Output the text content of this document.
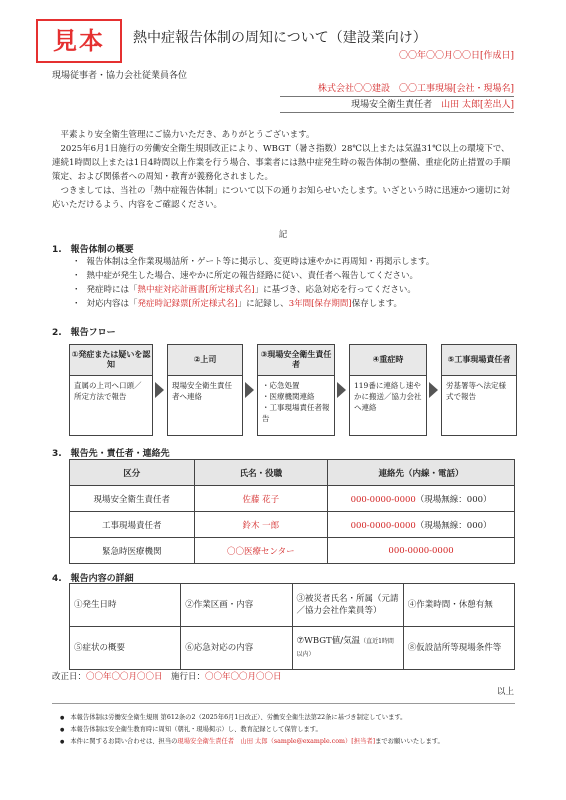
見本	熱中症報告体制の周知について（建設業向け）
〇〇年〇〇月〇〇日[作成日]
現場従事者・協力会社従業員各位
株式会社〇〇建設　〇〇工事現場[会社・現場名]
現場安全衛生責任者　山田 太郎[差出人]

平素より安全衛生管理にご協力いただき、ありがとうございます。

2025年6月1日施行の労働安全衛生規則改正により、WBGT（暑さ指数）28℃以上または気温31℃以上の環境下で、連続1時間以上または1日4時間以上作業を行う場合、事業者には熱中症発生時の報告体制の整備、重症化防止措置の手順策定、および関係者への周知・教育が義務化されました。

つきましては、当社の「熱中症報告体制」について以下の通りお知らせいたします。いざという時に迅速かつ適切に対応いただけるよう、内容をご確認ください。

記
1.　報告体制の概要
・ 報告体制は全作業現場詰所・ゲート等に掲示し、変更時は速やかに再周知・再掲示します。
・ 熱中症が発生した場合、速やかに所定の報告経路に従い、責任者へ報告してください。
・ 発症時には「熱中症対応計画書[所定様式名]」に基づき、応急対応を行ってください。
・ 対応内容は「発症時記録票[所定様式名]」に記録し、3年間[保存期間]保存します。
2.　報告フロー
①発症または疑いを認知
直属の上司へ口頭／所定方法で報告
②上司
現場安全衛生責任者へ連絡
③現場安全衛生責任者
・応急処置
・医療機関連絡
・工事現場責任者報告
④重症時
119番に連絡し速やかに搬送／協力会社へ連絡
⑤工事現場責任者
労基署等へ法定様式で報告
3.　報告先・責任者・連絡先
区分	氏名・役職	連絡先（内線・電話）
現場安全衛生責任者	佐藤 花子	000-0000-0000（現場無線：000）
工事現場責任者	鈴木 一郎	000-0000-0000（現場無線：000）
緊急時医療機関	〇〇医療センター	000-0000-0000
4.　報告内容の詳細
①発生日時	②作業区画・内容	③被災者氏名・所属（元請／協力会社作業員等）	④作業時間・休憩有無
⑤症状の概要	⑥応急対応の内容	⑦WBGT値/気温（直近1時間以内）	⑧仮設詰所等現場条件等
改正日：〇〇年〇〇月〇〇日　施行日：〇〇年〇〇月〇〇日
以上
● 本報告体制は労働安全衛生規則 第612条の2（2025年6月1日改正）、労働安全衛生法第22条に基づき制定しています。
● 本報告体制は安全衛生教育時に周知（朝礼・現場掲示）し、教育記録として保管します。
● 本件に関するお問い合わせは、担当の現場安全衛生責任者　山田 太郎（sample@example.com）[担当者]までお願いいたします。
